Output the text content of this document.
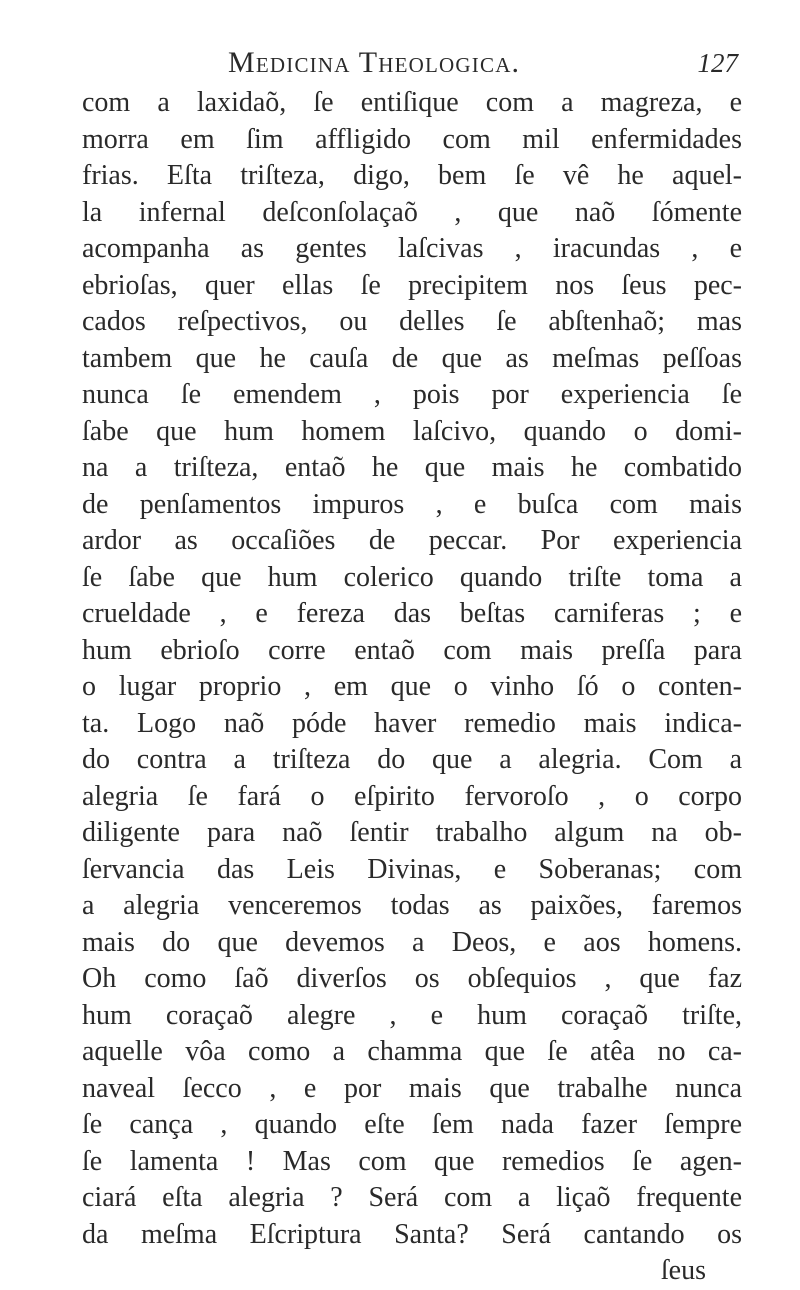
Medicina Theologica.	127
com a laxidaõ, ſe entiſique com a magreza, e
morra em ſim affligido com mil enfermidades
frias. Eſta triſteza, digo, bem ſe vê he aquel-
la infernal deſconſolaçaõ , que naõ ſómente
acompanha as gentes laſcivas , iracundas , e
ebrioſas, quer ellas ſe precipitem nos ſeus pec-
cados reſpectivos, ou delles ſe abſtenhaõ; mas
tambem que he cauſa de que as meſmas peſſoas
nunca ſe emendem , pois por experiencia ſe
ſabe que hum homem laſcivo, quando o domi-
na a triſteza, entaõ he que mais he combatido
de penſamentos impuros , e buſca com mais
ardor as occaſiões de peccar. Por experiencia
ſe ſabe que hum colerico quando triſte toma a
crueldade , e fereza das beſtas carniferas ; e
hum ebrioſo corre entaõ com mais preſſa para
o lugar proprio , em que o vinho ſó o conten-
ta. Logo naõ póde haver remedio mais indica-
do contra a triſteza do que a alegria. Com a
alegria ſe fará o eſpirito fervoroſo , o corpo
diligente para naõ ſentir trabalho algum na ob-
ſervancia das Leis Divinas, e Soberanas; com
a alegria venceremos todas as paixões, faremos
mais do que devemos a Deos, e aos homens.
Oh como ſaõ diverſos os obſequios , que faz
hum coraçaõ alegre , e hum coraçaõ triſte,
aquelle vôa como a chamma que ſe atêa no ca-
naveal ſecco , e por mais que trabalhe nunca
ſe cança , quando eſte ſem nada fazer ſempre
ſe lamenta ! Mas com que remedios ſe agen-
ciará eſta alegria ? Será com a liçaõ frequente
da meſma Eſcriptura Santa? Será cantando os
ſeus
